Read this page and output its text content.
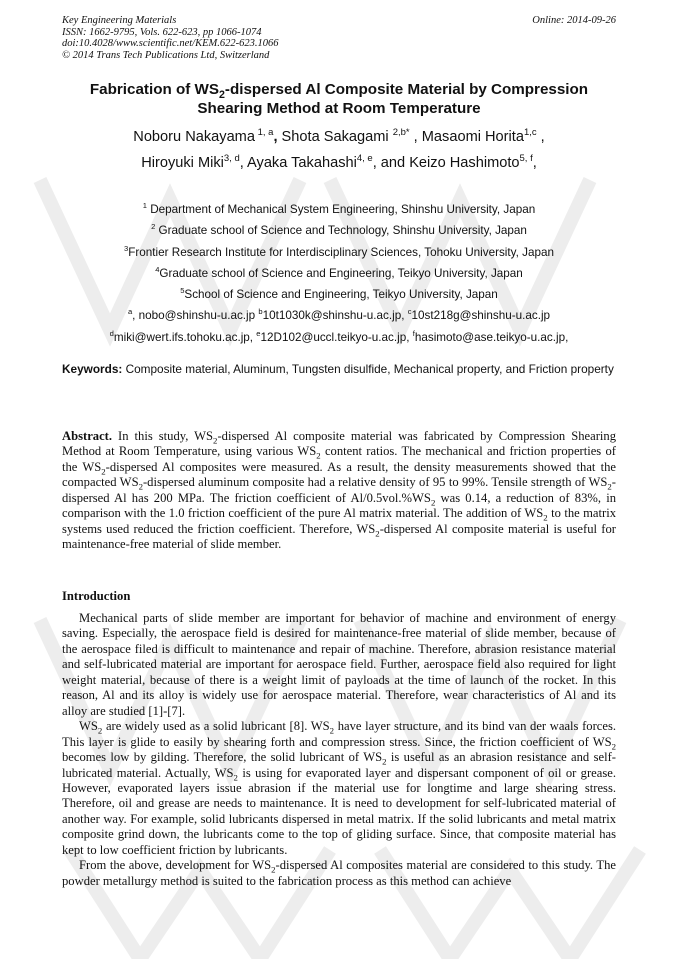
Key Engineering Materials
ISSN: 1662-9795, Vols. 622-623, pp 1066-1074
doi:10.4028/www.scientific.net/KEM.622-623.1066
© 2014 Trans Tech Publications Ltd, Switzerland
Online: 2014-09-26
Fabrication of $WS_2$-dispersed Al Composite Material by Compression
Shearing Method at Room Temperature
Noboru Nakayama $^{1, a}$, Shota Sakagami $^{2,b*}$ , Masaomi Horita$^{1,c}$ ,
Hiroyuki Miki$^{3, d}$, Ayaka Takahashi$^{4, e}$, and Keizo Hashimoto$^{5, f}$,
$^1$ Department of Mechanical System Engineering, Shinshu University, Japan
$^2$ Graduate school of Science and Technology, Shinshu University, Japan
$^3$Frontier Research Institute for Interdisciplinary Sciences, Tohoku University, Japan
$^4$Graduate school of Science and Engineering, Teikyo University, Japan
$^5$School of Science and Engineering, Teikyo University, Japan
$^a$, nobo@shinshu-u.ac.jp $^b$10t1030k@shinshu-u.ac.jp, $^c$10st218g@shinshu-u.ac.jp
$^d$miki@wert.ifs.tohoku.ac.jp, $^e$12D102@uccl.teikyo-u.ac.jp, $^f$hasimoto@ase.teikyo-u.ac.jp,
Keywords: Composite material, Aluminum, Tungsten disulfide, Mechanical property, and Friction property
Abstract. In this study, $WS_2$-dispersed Al composite material was fabricated by Compression Shearing Method at Room Temperature, using various $WS_2$ content ratios. The mechanical and friction properties of the $WS_2$-dispersed Al composites were measured. As a result, the density measurements showed that the compacted $WS_2$-dispersed aluminum composite had a relative density of 95 to 99%. Tensile strength of $WS_2$-dispersed Al has 200 MPa. The friction coefficient of $Al/0.5vol.\%WS_2$ was 0.14, a reduction of 83%, in comparison with the 1.0 friction coefficient of the pure Al matrix material. The addition of $WS_2$ to the matrix systems used reduced the friction coefficient. Therefore, $WS_2$-dispersed Al composite material is useful for maintenance-free material of slide member.
Introduction

Mechanical parts of slide member are important for behavior of machine and environment of energy saving. Especially, the aerospace field is desired for maintenance-free material of slide member, because of the aerospace filed is difficult to maintenance and repair of machine. Therefore, abrasion resistance material and self-lubricated material are important for aerospace field. Further, aerospace field also required for light weight material, because of there is a weight limit of payloads at the time of launch of the rocket. In this reason, Al and its alloy is widely use for aerospace material. Therefore, wear characteristics of Al and its alloy are studied [1]-[7].

$WS_2$ are widely used as a solid lubricant [8]. $WS_2$ have layer structure, and its bind van der waals forces. This layer is glide to easily by shearing forth and compression stress. Since, the friction coefficient of $WS_2$ becomes low by gilding. Therefore, the solid lubricant of $WS_2$ is useful as an abrasion resistance and self-lubricated material. Actually, $WS_2$ is using for evaporated layer and dispersant component of oil or grease. However, evaporated layers issue abrasion if the material use for longtime and large shearing stress. Therefore, oil and grease are needs to maintenance. It is need to development for self-lubricated material of another way. For example, solid lubricants dispersed in metal matrix. If the solid lubricants and metal matrix composite grind down, the lubricants come to the top of gliding surface. Since, that composite material has kept to low coefficient friction by lubricants.

From the above, development for $WS_2$-dispersed Al composites material are considered to this study. The powder metallurgy method is suited to the fabrication process as this method can achieve
